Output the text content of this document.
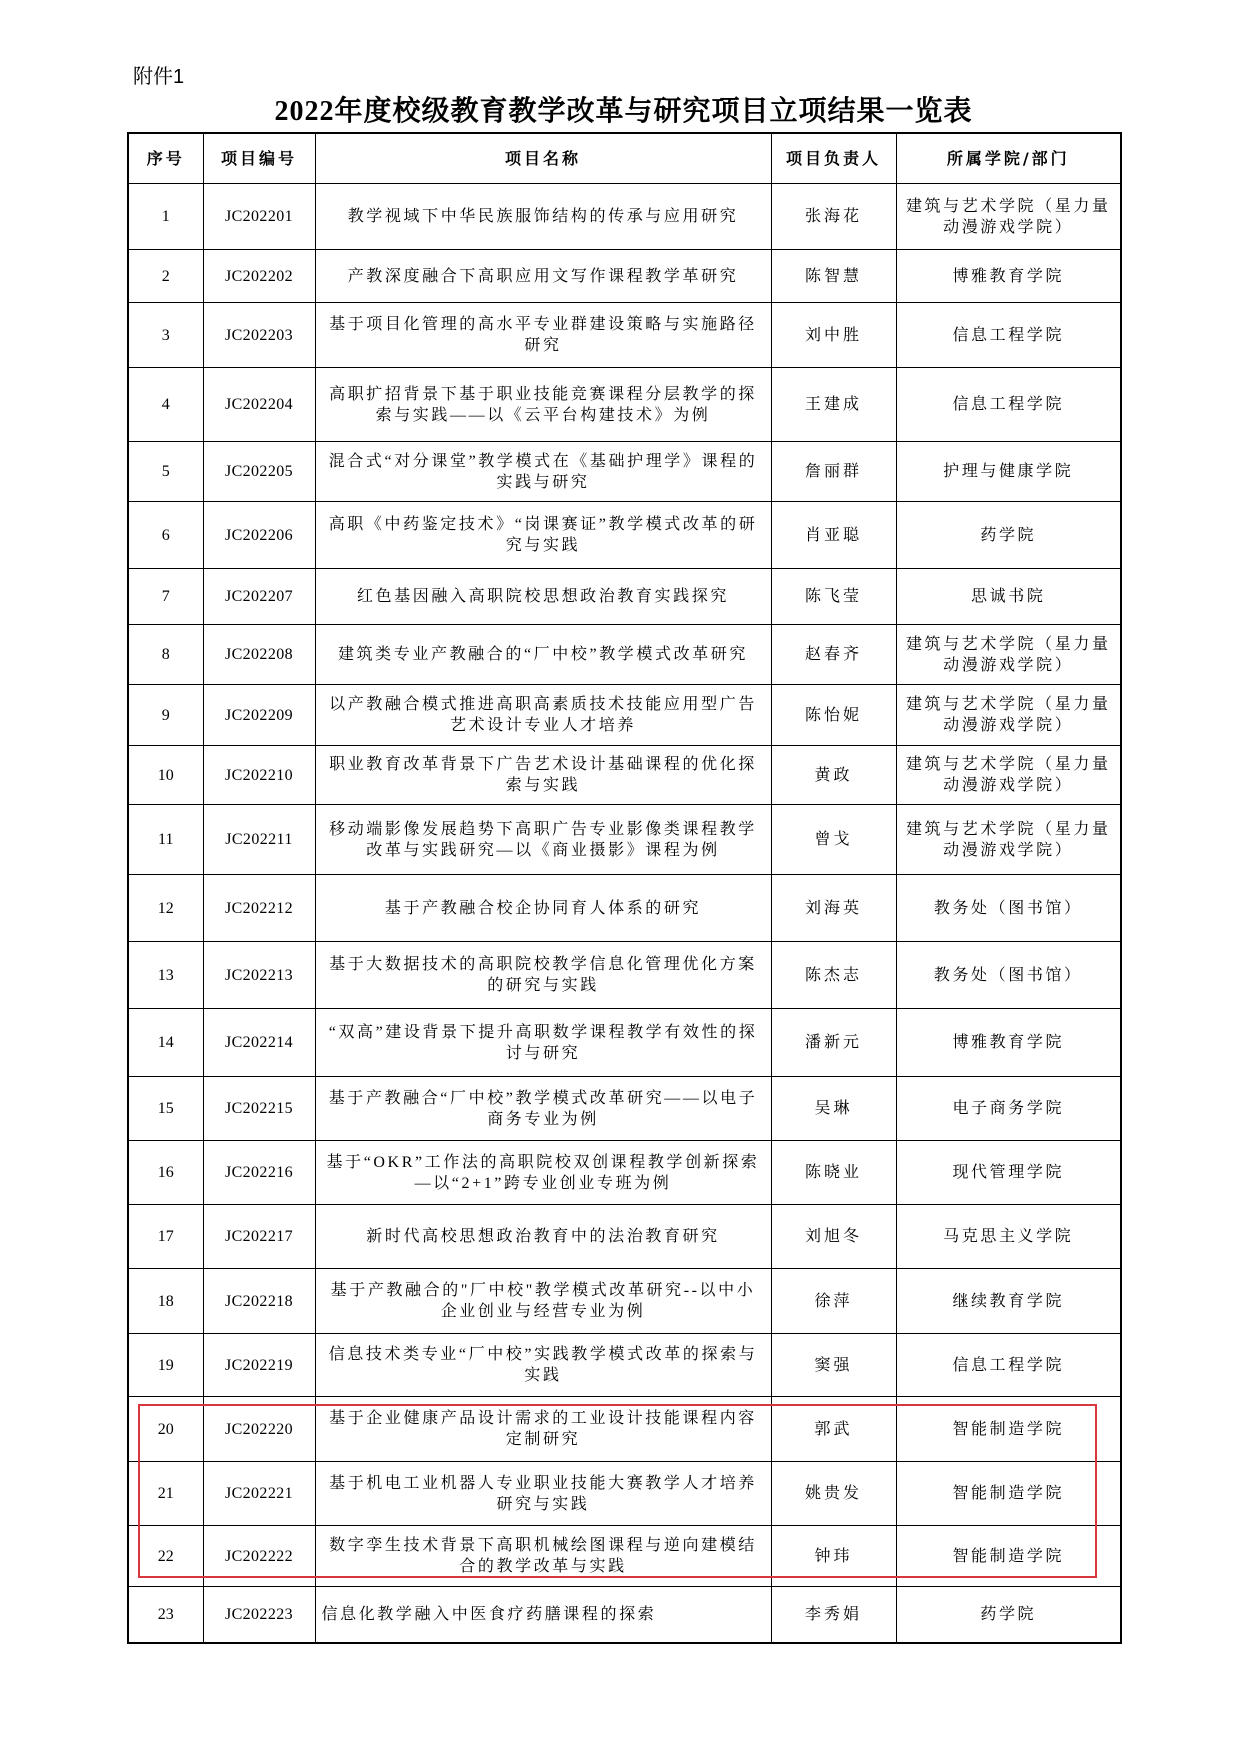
附件1
2022年度校级教育教学改革与研究项目立项结果一览表
序号	项目编号	项目名称	项目负责人	所属学院/部门
1	JC202201	教学视域下中华民族服饰结构的传承与应用研究	张海花	建筑与艺术学院（星力量动漫游戏学院）
2	JC202202	产教深度融合下高职应用文写作课程教学革研究	陈智慧	博雅教育学院
3	JC202203	基于项目化管理的高水平专业群建设策略与实施路径研究	刘中胜	信息工程学院
4	JC202204	高职扩招背景下基于职业技能竞赛课程分层教学的探索与实践——以《云平台构建技术》为例	王建成	信息工程学院
5	JC202205	混合式“对分课堂”教学模式在《基础护理学》课程的实践与研究	詹丽群	护理与健康学院
6	JC202206	高职《中药鉴定技术》“岗课赛证”教学模式改革的研究与实践	肖亚聪	药学院
7	JC202207	红色基因融入高职院校思想政治教育实践探究	陈飞莹	思诚书院
8	JC202208	建筑类专业产教融合的“厂中校”教学模式改革研究	赵春齐	建筑与艺术学院（星力量动漫游戏学院）
9	JC202209	以产教融合模式推进高职高素质技术技能应用型广告艺术设计专业人才培养	陈怡妮	建筑与艺术学院（星力量动漫游戏学院）
10	JC202210	职业教育改革背景下广告艺术设计基础课程的优化探索与实践	黄政	建筑与艺术学院（星力量动漫游戏学院）
11	JC202211	移动端影像发展趋势下高职广告专业影像类课程教学改革与实践研究—以《商业摄影》课程为例	曾戈	建筑与艺术学院（星力量动漫游戏学院）
12	JC202212	基于产教融合校企协同育人体系的研究	刘海英	教务处（图书馆）
13	JC202213	基于大数据技术的高职院校教学信息化管理优化方案的研究与实践	陈杰志	教务处（图书馆）
14	JC202214	“双高”建设背景下提升高职数学课程教学有效性的探讨与研究	潘新元	博雅教育学院
15	JC202215	基于产教融合“厂中校”教学模式改革研究——以电子商务专业为例	吴琳	电子商务学院
16	JC202216	基于“OKR”工作法的高职院校双创课程教学创新探索—以“2+1”跨专业创业专班为例	陈晓业	现代管理学院
17	JC202217	新时代高校思想政治教育中的法治教育研究	刘旭冬	马克思主义学院
18	JC202218	基于产教融合的"厂中校"教学模式改革研究--以中小企业创业与经营专业为例	徐萍	继续教育学院
19	JC202219	信息技术类专业“厂中校”实践教学模式改革的探索与实践	窦强	信息工程学院
20	JC202220	基于企业健康产品设计需求的工业设计技能课程内容定制研究	郭武	智能制造学院
21	JC202221	基于机电工业机器人专业职业技能大赛教学人才培养研究与实践	姚贵发	智能制造学院
22	JC202222	数字孪生技术背景下高职机械绘图课程与逆向建模结合的教学改革与实践	钟玮	智能制造学院
23	JC202223	信息化教学融入中医食疗药膳课程的探索	李秀娟	药学院
